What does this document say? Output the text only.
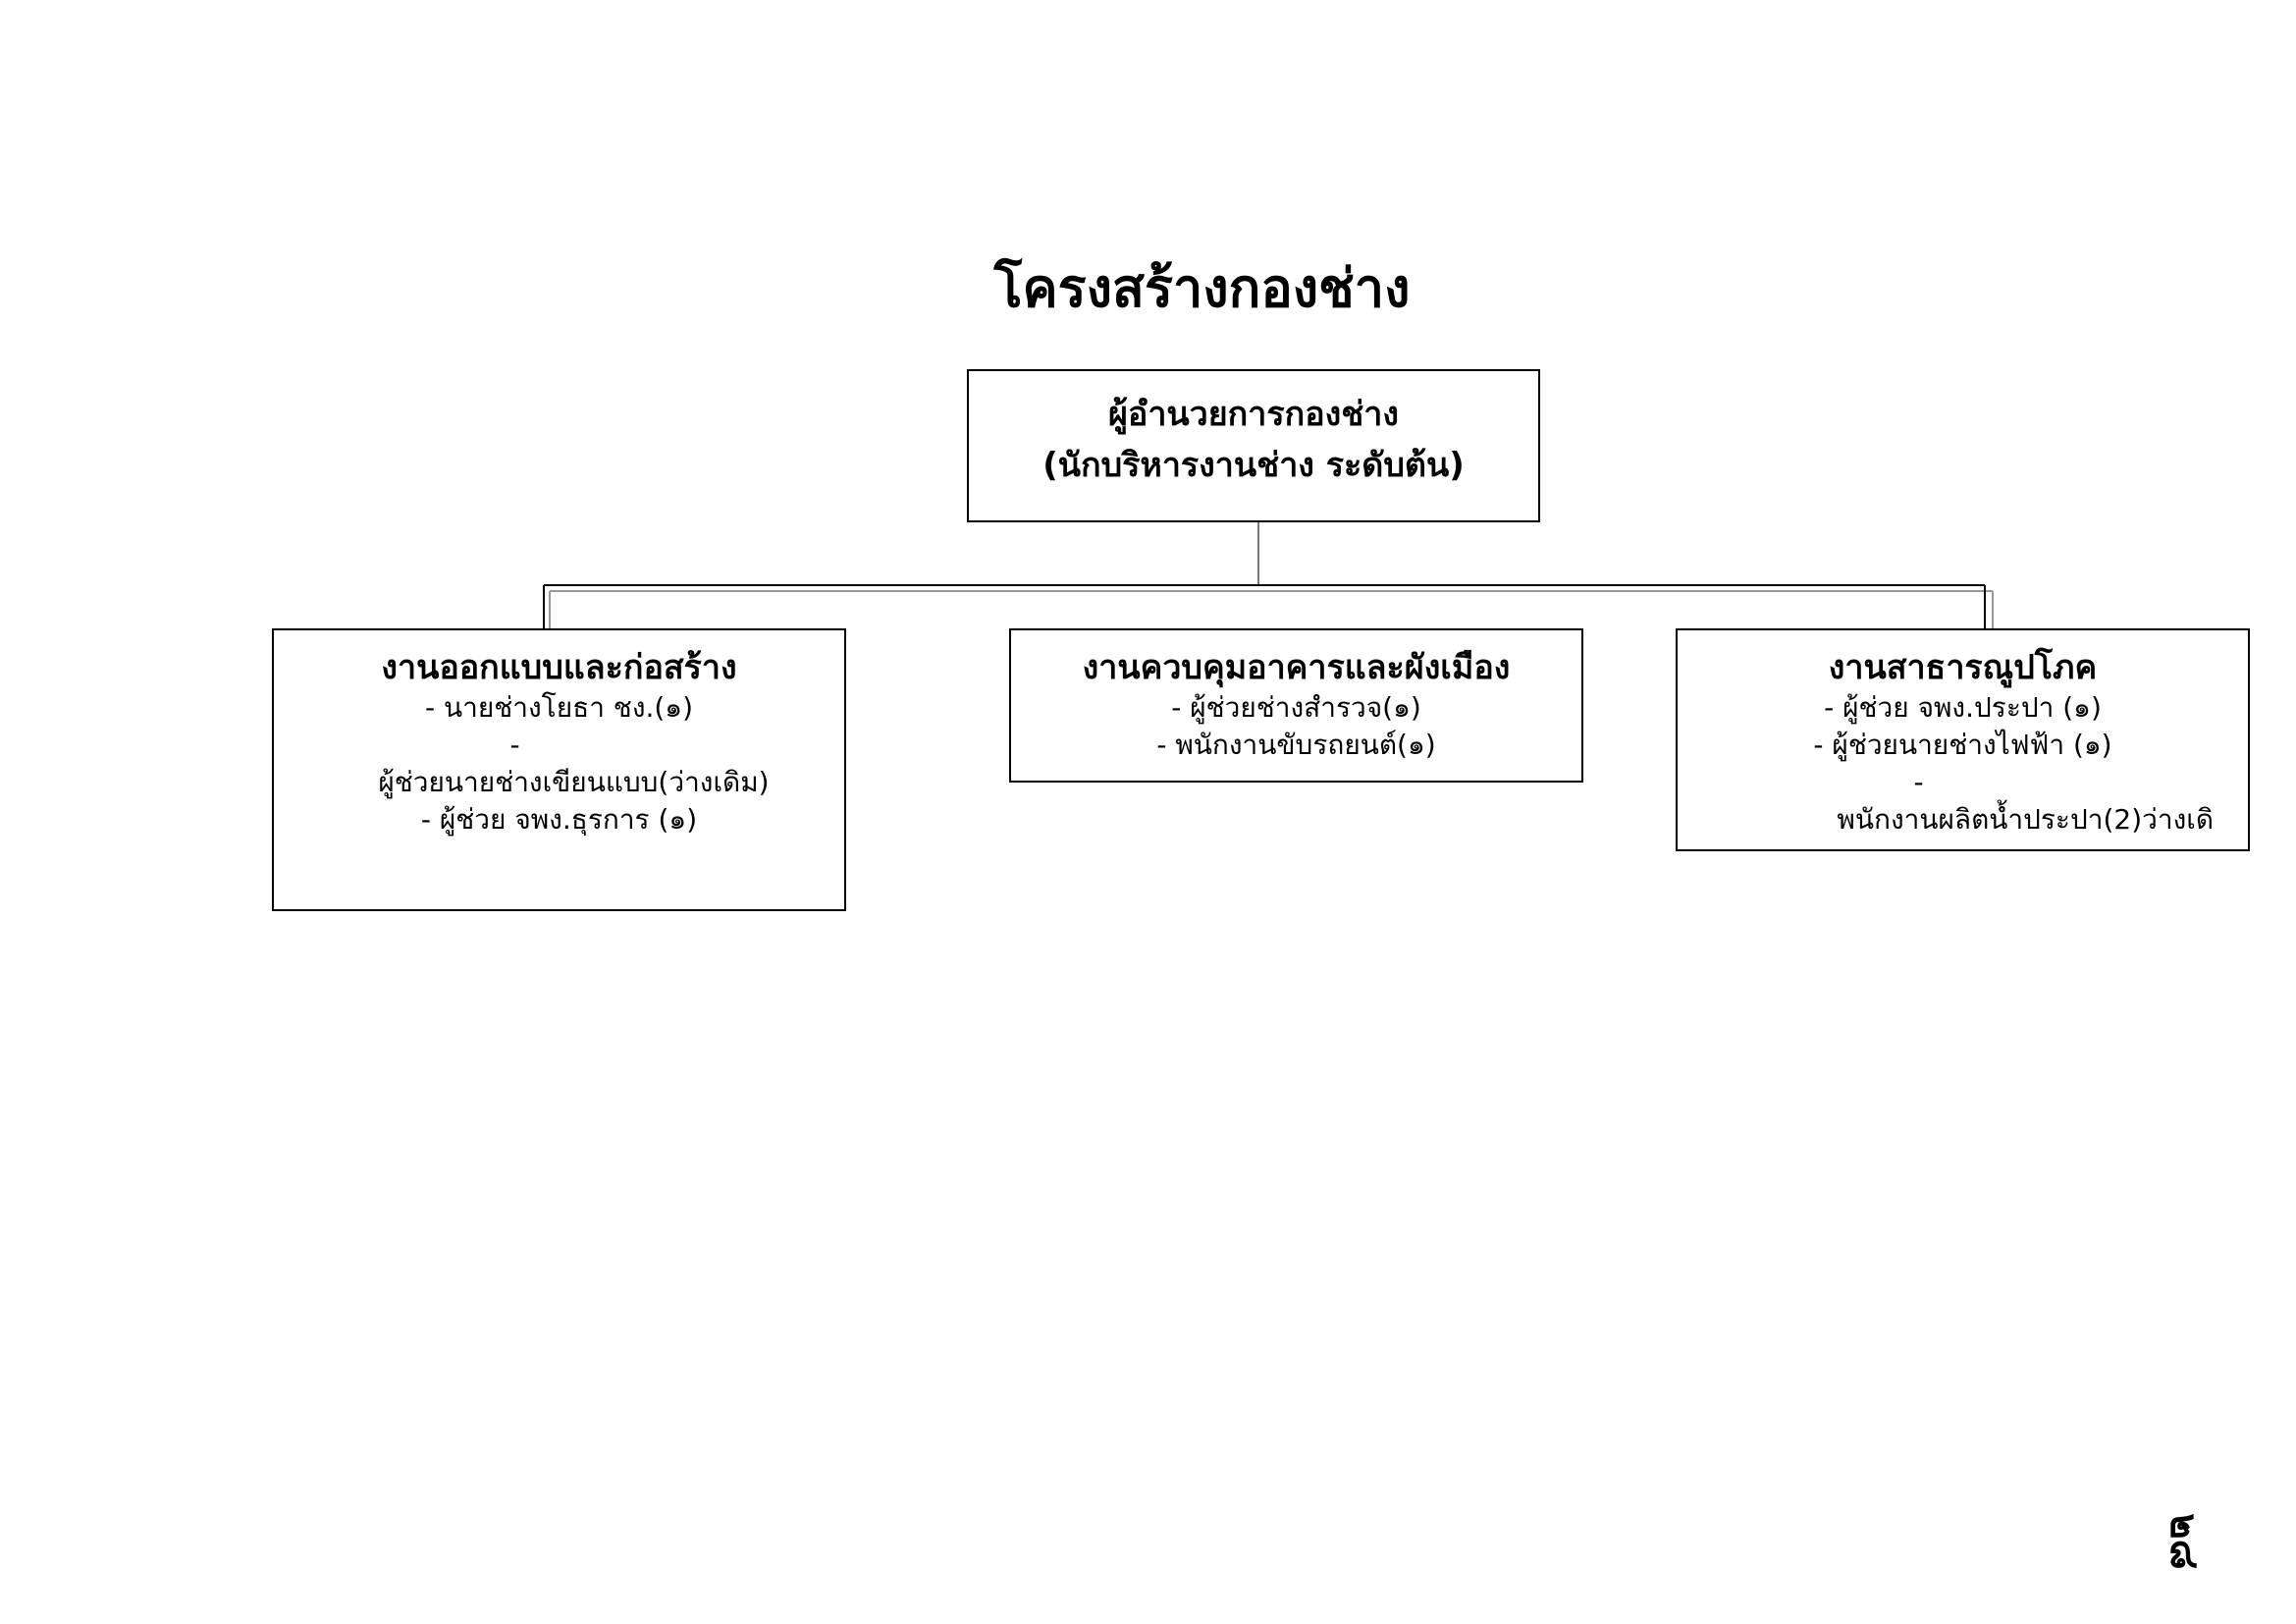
โครงสร้างกองช่าง
ผู้อำนวยการกองช่าง
(นักบริหารงานช่าง ระดับต้น)
งานออกแบบและก่อสร้าง
- นายช่างโยธา ชง.(๑)
-
ผู้ช่วยนายช่างเขียนแบบ(ว่างเดิม)
- ผู้ช่วย จพง.ธุรการ (๑)
งานควบคุมอาคารและผังเมือง
- ผู้ช่วยช่างสำรวจ(๑)
- พนักงานขับรถยนต์(๑)
งานสาธารณูปโภค
- ผู้ช่วย จพง.ประปา (๑)
- ผู้ช่วยนายช่างไฟฟ้า (๑)
-
พนักงานผลิตน้ำประปา(2)ว่างเดิ
๒๘
